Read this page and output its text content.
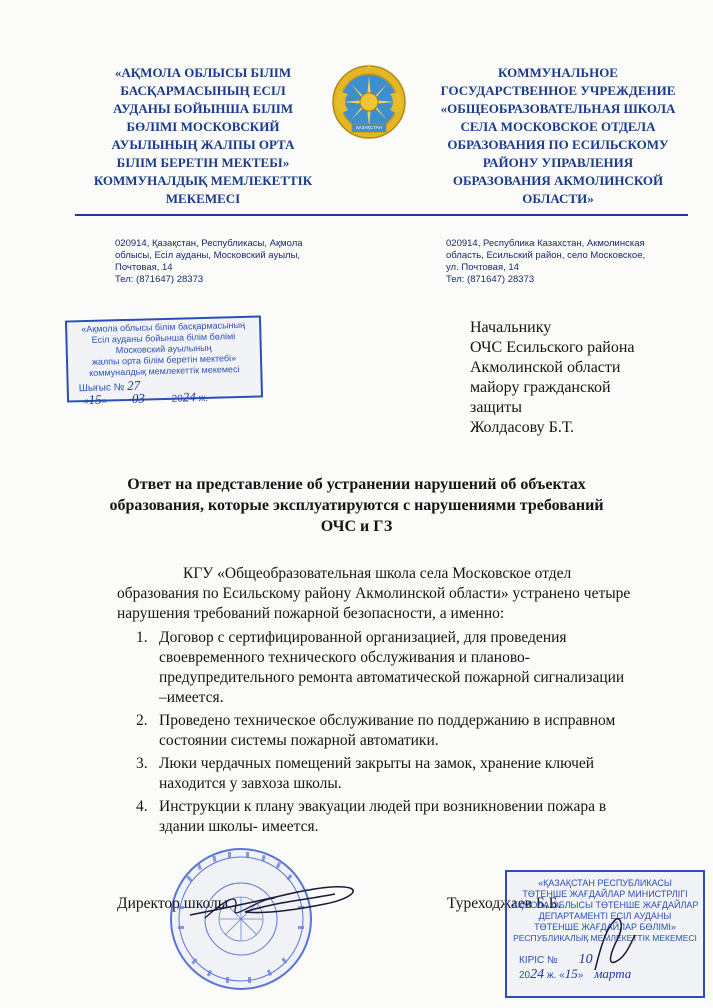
«АҚМОЛА ОБЛЫСЫ БІЛІМ
БАСҚАРМАСЫНЫҢ ЕСІЛ
АУДАНЫ БОЙЫНША БІЛІМ
БӨЛІМІ МОСКОВСКИЙ
АУЫЛЫНЫҢ ЖАЛПЫ ОРТА
БІЛІМ БЕРЕТІН МЕКТЕБІ»
КОММУНАЛДЫҚ МЕМЛЕКЕТТІК
МЕКЕМЕСІ
ҚАЗАҚСТАН
КОММУНАЛЬНОЕ
ГОСУДАРСТВЕННОЕ УЧРЕЖДЕНИЕ
«ОБЩЕОБРАЗОВАТЕЛЬНАЯ ШКОЛА
СЕЛА МОСКОВСКОЕ ОТДЕЛА
ОБРАЗОВАНИЯ ПО ЕСИЛЬСКОМУ
РАЙОНУ УПРАВЛЕНИЯ
ОБРАЗОВАНИЯ АКМОЛИНСКОЙ
ОБЛАСТИ»
020914, Қазақстан, Республикасы, Ақмола
облысы, Есіл ауданы, Московский ауылы,
Почтовая, 14
Тел: (871647) 28373
020914, Республика Казахстан, Акмолинская
область, Есильский район, село Московское,
ул. Почтовая, 14
Тел: (871647) 28373
«Ақмола облысы білім басқармасының
Есіл ауданы бойынша білім бөлімі
Московский ауылының
жалпы орта білім беретін мектебі»
коммуналдық мемлекеттік мекемесі
Шығыс № 27
«15» 03	2024 ж.
Начальнику
ОЧС Есильского района
Акмолинской области
майору гражданской
защиты
Жолдасову Б.Т.
Ответ на представление об устранении нарушений об объектах
образования, которые эксплуатируются с нарушениями требований
ОЧС и ГЗ
КГУ «Общеобразовательная школа села Московское отдел
образования по Есильскому району Акмолинской области» устранено четыре
нарушения требований пожарной безопасности, а именно:
1. Договор с сертифицированной организацией, для проведения
своевременного технического обслуживания и планово-
предупредительного ремонта автоматической пожарной сигнализации
–имеется.
2. Проведено техническое обслуживание по поддержанию в исправном
состоянии системы пожарной автоматики.
3. Люки чердачных помещений закрыты на замок, хранение ключей
находится у завхоза школы.
4. Инструкции к плану эвакуации людей при возникновении пожара в
здании школы- имеется.
Директор школы	Туреходжаев Б.Б.
«ҚАЗАҚСТАН РЕСПУБЛИКАСЫ
ТӨТЕНШЕ ЖАҒДАЙЛАР МИНИСТРЛІГІ
АҚМОЛА ОБЛЫСЫ ТӨТЕНШЕ ЖАҒДАЙЛАР
ДЕПАРТАМЕНТІ ЕСІЛ АУДАНЫ
ТӨТЕНШЕ ЖАҒДАЙЛАР БӨЛІМІ»
РЕСПУБЛИКАЛЫҚ МЕМЛЕКЕТТІК МЕКЕМЕСІ
КІРІС № 10
2024 ж. «15» марта
